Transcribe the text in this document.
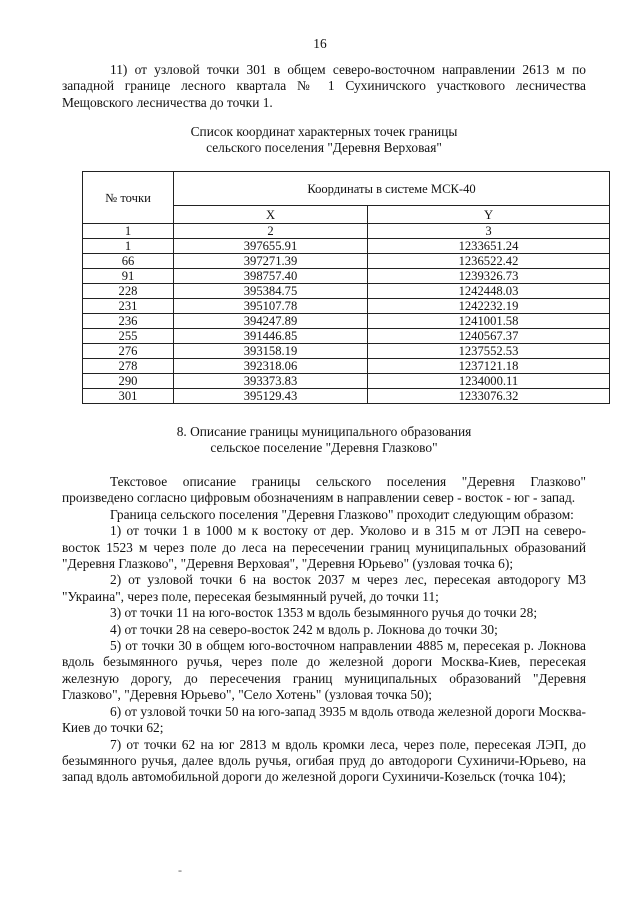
16
11) от узловой точки 301 в общем северо-восточном направлении 2613 м по западной границе лесного квартала № 1 Сухиничского участкового лесничества Мещовского лесничества до точки 1.
Список координат характерных точек границы
сельского поселения "Деревня Верховая"
№ точки	Координаты в системе МСК-40	
	X	Y
1	2	3
1	397655.91	1233651.24
66	397271.39	1236522.42
91	398757.40	1239326.73
228	395384.75	1242448.03
231	395107.78	1242232.19
236	394247.89	1241001.58
255	391446.85	1240567.37
276	393158.19	1237552.53
278	392318.06	1237121.18
290	393373.83	1234000.11
301	395129.43	1233076.32
8. Описание границы муниципального образования
сельское поселение "Деревня Глазково"

Текстовое описание границы сельского поселения "Деревня Глазково" произведено согласно цифровым обозначениям в направлении север - восток - юг - запад.

Граница сельского поселения "Деревня Глазково" проходит следующим образом:

1) от точки 1 в 1000 м к востоку от дер. Уколово и в 315 м от ЛЭП на северо-восток 1523 м через поле до леса на пересечении границ муниципальных образований "Деревня Глазково", "Деревня Верховая", "Деревня Юрьево" (узловая точка 6);

2) от узловой точки 6 на восток 2037 м через лес, пересекая автодорогу М3 "Украина", через поле, пересекая безымянный ручей, до точки 11;

3) от точки 11 на юго-восток 1353 м вдоль безымянного ручья до точки 28;

4) от точки 28 на северо-восток 242 м вдоль р. Локнова до точки 30;

5) от точки 30 в общем юго-восточном направлении 4885 м, пересекая р. Локнова вдоль безымянного ручья, через поле до железной дороги Москва-Киев, пересекая железную дорогу, до пересечения границ муниципальных образований "Деревня Глазково", "Деревня Юрьево", "Село Хотень" (узловая точка 50);

6) от узловой точки 50 на юго-запад 3935 м вдоль отвода железной дороги Москва-Киев до точки 62;

7) от точки 62 на юг 2813 м вдоль кромки леса, через поле, пересекая ЛЭП, до безымянного ручья, далее вдоль ручья, огибая пруд до автодороги Сухиничи-Юрьево, на запад вдоль автомобильной дороги до железной дороги Сухиничи-Козельск (точка 104);

-
